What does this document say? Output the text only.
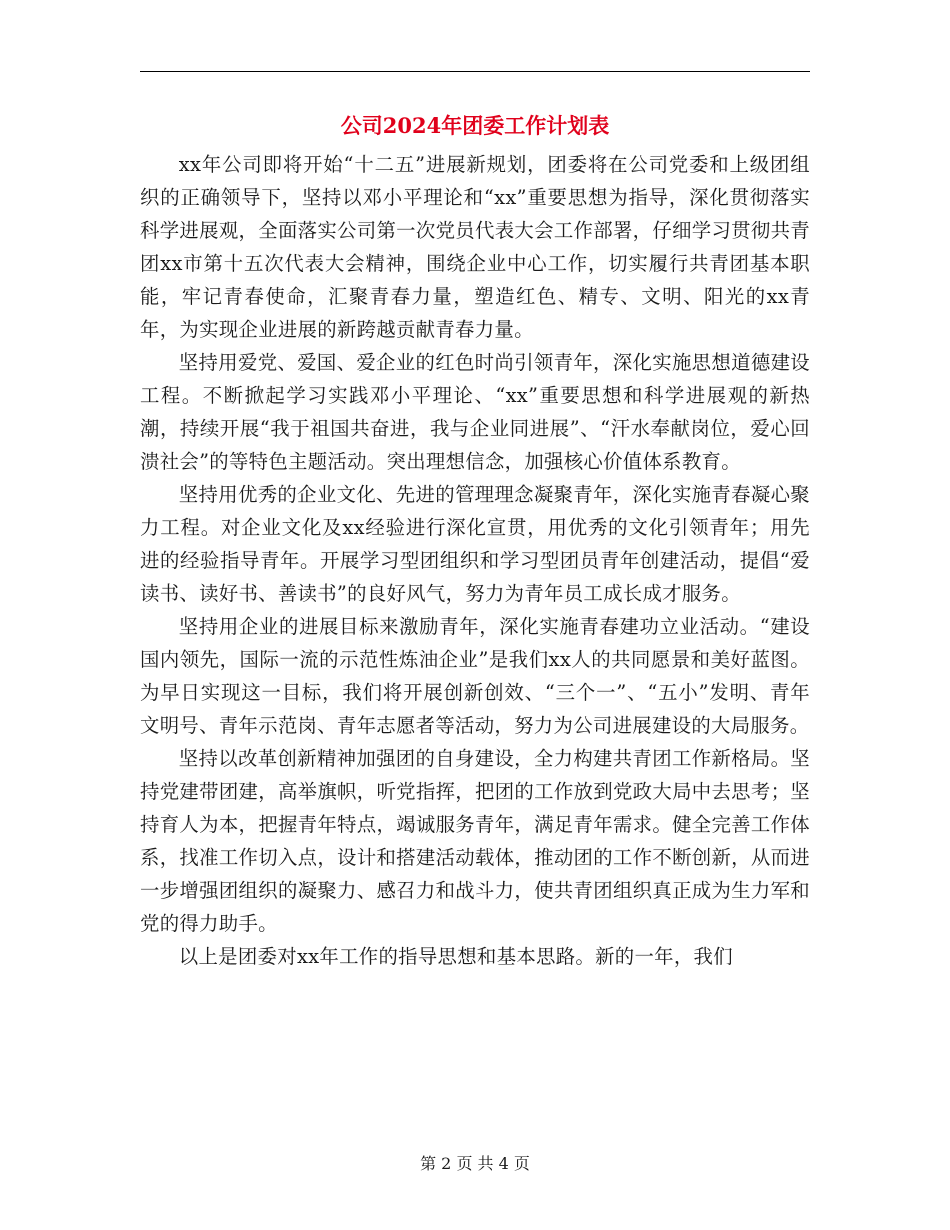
公司2024年团委工作计划表

xx年公司即将开始“十二五”进展新规划，团委将在公司党委和上级团组织的正确领导下，坚持以邓小平理论和“xx”重要思想为指导，深化贯彻落实科学进展观，全面落实公司第一次党员代表大会工作部署，仔细学习贯彻共青团xx市第十五次代表大会精神，围绕企业中心工作，切实履行共青团基本职能，牢记青春使命，汇聚青春力量，塑造红色、精专、文明、阳光的xx青年，为实现企业进展的新跨越贡献青春力量。

坚持用爱党、爱国、爱企业的红色时尚引领青年，深化实施思想道德建设工程。不断掀起学习实践邓小平理论、“xx”重要思想和科学进展观的新热潮，持续开展“我于祖国共奋进，我与企业同进展”、“汗水奉献岗位，爱心回溃社会”的等特色主题活动。突出理想信念，加强核心价值体系教育。

坚持用优秀的企业文化、先进的管理理念凝聚青年，深化实施青春凝心聚力工程。对企业文化及xx经验进行深化宣贯，用优秀的文化引领青年；用先进的经验指导青年。开展学习型团组织和学习型团员青年创建活动，提倡“爱读书、读好书、善读书”的良好风气，努力为青年员工成长成才服务。

坚持用企业的进展目标来激励青年，深化实施青春建功立业活动。“建设国内领先，国际一流的示范性炼油企业”是我们xx人的共同愿景和美好蓝图。为早日实现这一目标，我们将开展创新创效、“三个一”、“五小”发明、青年文明号、青年示范岗、青年志愿者等活动，努力为公司进展建设的大局服务。

坚持以改革创新精神加强团的自身建设，全力构建共青团工作新格局。坚持党建带团建，高举旗帜，听党指挥，把团的工作放到党政大局中去思考；坚持育人为本，把握青年特点，竭诚服务青年，满足青年需求。健全完善工作体系，找准工作切入点，设计和搭建活动载体，推动团的工作不断创新，从而进一步增强团组织的凝聚力、感召力和战斗力，使共青团组织真正成为生力军和党的得力助手。

以上是团委对xx年工作的指导思想和基本思路。新的一年，我们

第 2 页 共 4 页
